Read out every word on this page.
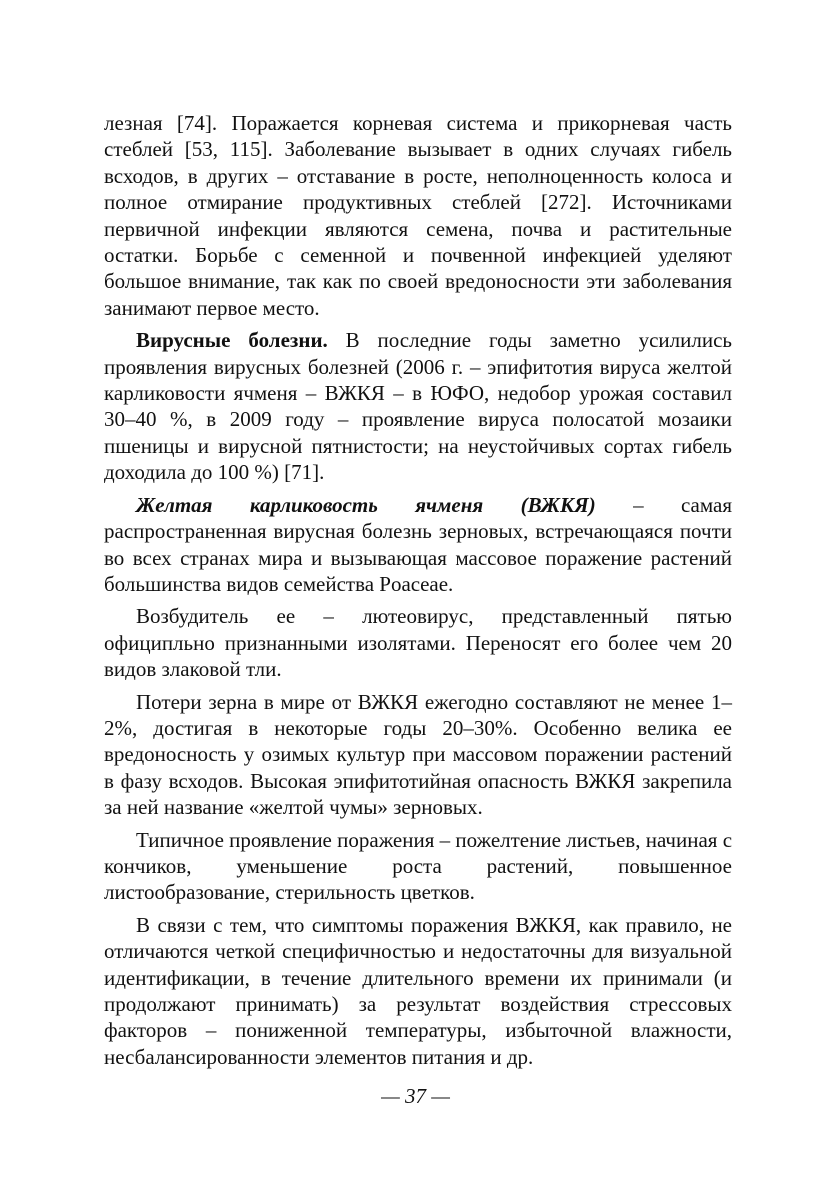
лезная [74]. Поражается корневая система и прикорневая часть стеблей [53, 115]. Заболевание вызывает в одних случаях гибель всходов, в других – отставание в росте, неполноценность колоса и полное отмирание продуктивных стеблей [272]. Источниками первичной инфекции являются семена, почва и растительные остатки. Борьбе с семенной и почвенной инфекцией уделяют большое внимание, так как по своей вредоносности эти заболевания занимают первое место.

Вирусные болезни. В последние годы заметно усилились проявления вирусных болезней (2006 г. – эпифитотия вируса желтой карликовости ячменя – ВЖКЯ – в ЮФО, недобор урожая составил 30–40 %, в 2009 году – проявление вируса полосатой мозаики пшеницы и вирусной пятнистости; на неустойчивых сортах гибель доходила до 100 %) [71].

Желтая карликовость ячменя (ВЖКЯ) – самая распространенная вирусная болезнь зерновых, встречающаяся почти во всех странах мира и вызывающая массовое поражение растений большинства видов семейства Poaceae.

Возбудитель ее – лютеовирус, представленный пятью официпльно признанными изолятами. Переносят его более чем 20 видов злаковой тли.

Потери зерна в мире от ВЖКЯ ежегодно составляют не менее 1–2%, достигая в некоторые годы 20–30%. Особенно велика ее вредоносность у озимых культур при массовом поражении растений в фазу всходов. Высокая эпифитотийная опасность ВЖКЯ закрепила за ней название «желтой чумы» зерновых.

Типичное проявление поражения – пожелтение листьев, начиная с кончиков, уменьшение роста растений, повышенное листообразование, стерильность цветков.

В связи с тем, что симптомы поражения ВЖКЯ, как правило, не отличаются четкой специфичностью и недостаточны для визуальной идентификации, в течение длительного времени их принимали (и продолжают принимать) за результат воздействия стрессовых факторов – пониженной температуры, избыточной влажности, несбалансированности элементов питания и др.

— 37 —
